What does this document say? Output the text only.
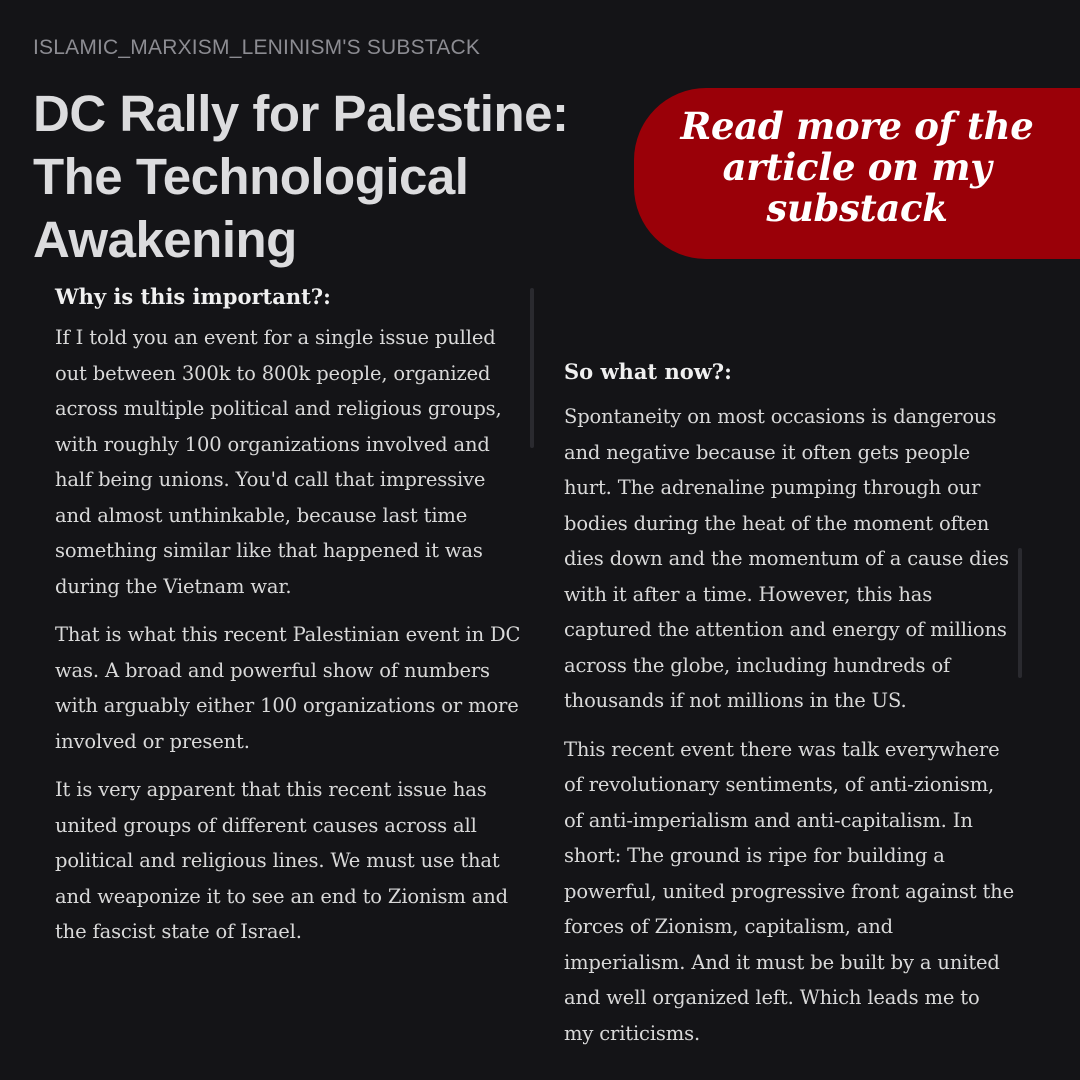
ISLAMIC_MARXISM_LENINISM'S SUBSTACK
DC Rally for Palestine: The Technological Awakening

Read more of the article on my substack

Why is this important?:

If I told you an event for a single issue pulled out between 300k to 800k people, organized across multiple political and religious groups, with roughly 100 organizations involved and half being unions. You'd call that impressive and almost unthinkable, because last time something similar like that happened it was during the Vietnam war.

That is what this recent Palestinian event in DC was. A broad and powerful show of numbers with arguably either 100 organizations or more involved or present.

It is very apparent that this recent issue has united groups of different causes across all political and religious lines. We must use that and weaponize it to see an end to Zionism and the fascist state of Israel.

So what now?:

Spontaneity on most occasions is dangerous and negative because it often gets people hurt. The adrenaline pumping through our bodies during the heat of the moment often dies down and the momentum of a cause dies with it after a time. However, this has captured the attention and energy of millions across the globe, including hundreds of thousands if not millions in the US.

This recent event there was talk everywhere of revolutionary sentiments, of anti-zionism, of anti-imperialism and anti-capitalism. In short: The ground is ripe for building a powerful, united progressive front against the forces of Zionism, capitalism, and imperialism. And it must be built by a united and well organized left. Which leads me to my criticisms.
